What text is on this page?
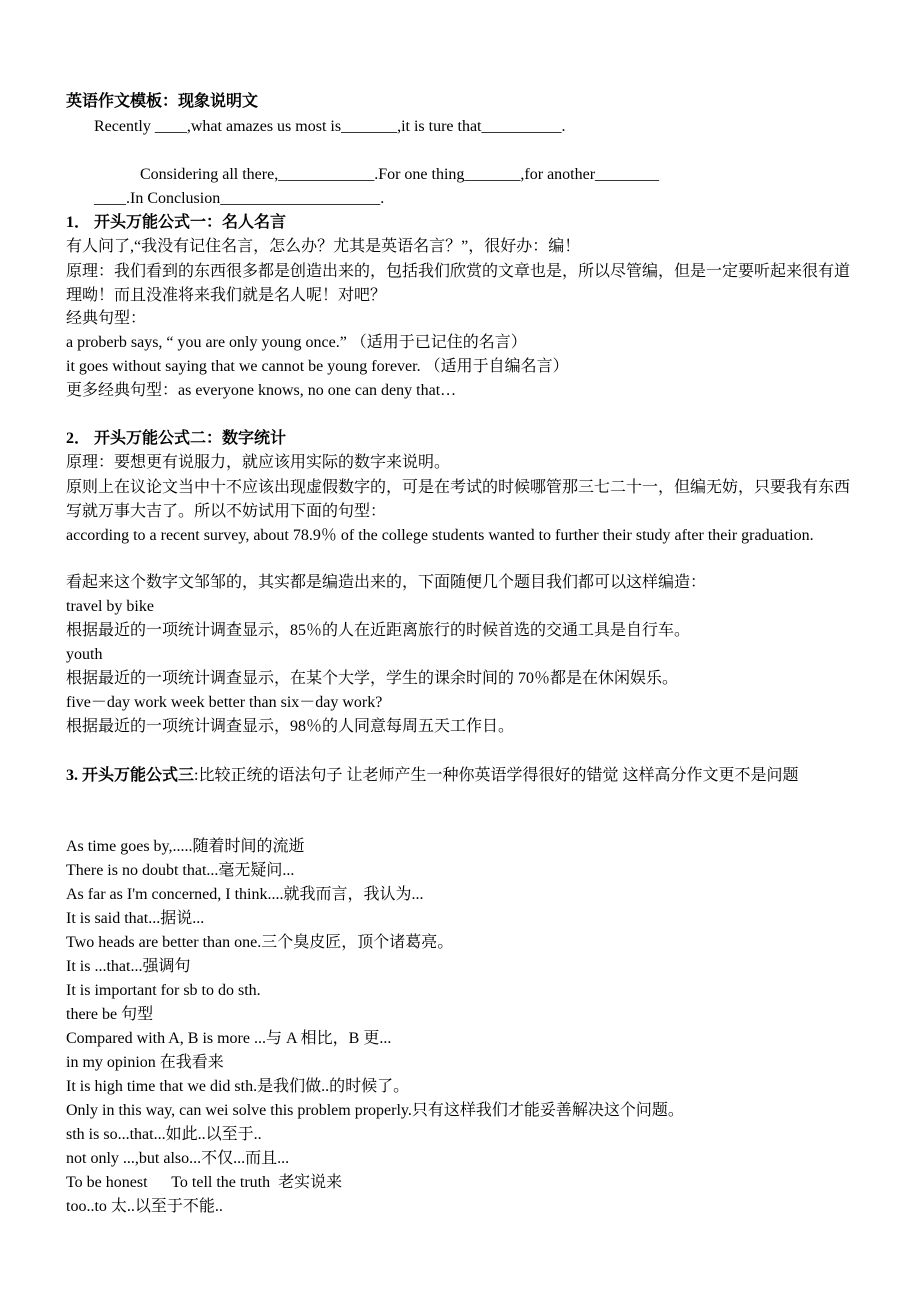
英语作文模板：现象说明文
Recently ____,what amazes us most is_______,it is ture that__________.
Considering all there,____________.For one thing_______,for another________
____.In Conclusion____________________.
1． 开头万能公式一：名人名言
有人问了,“我没有记住名言，怎么办？尤其是英语名言？”，很好办：编！
原理：我们看到的东西很多都是创造出来的，包括我们欣赏的文章也是，所以尽管编，但是一定要听起来很有道理呦！而且没准将来我们就是名人呢！对吧？
经典句型：
a proberb says, “ you are only young once.” （适用于已记住的名言）
it goes without saying that we cannot be young forever. （适用于自编名言）
更多经典句型：as everyone knows, no one can deny that…
2． 开头万能公式二：数字统计
原理：要想更有说服力，就应该用实际的数字来说明。
原则上在议论文当中十不应该出现虚假数字的，可是在考试的时候哪管那三七二十一，但编无妨，只要我有东西写就万事大吉了。所以不妨试用下面的句型：
according to a recent survey, about 78.9％ of the college students wanted to further their study after their graduation.
看起来这个数字文邹邹的，其实都是编造出来的，下面随便几个题目我们都可以这样编造：
travel by bike
根据最近的一项统计调查显示，85％的人在近距离旅行的时候首选的交通工具是自行车。
youth
根据最近的一项统计调查显示，在某个大学，学生的课余时间的 70％都是在休闲娱乐。
five－day work week better than six－day work?
根据最近的一项统计调查显示，98％的人同意每周五天工作日。
3. 开头万能公式三:比较正统的语法句子 让老师产生一种你英语学得很好的错觉 这样高分作文更不是问题
As time goes by,.....随着时间的流逝
There is no doubt that...毫无疑问...
As far as I'm concerned, I think....就我而言，我认为...
It is said that...据说...
Two heads are better than one.三个臭皮匠，顶个诸葛亮。
It is ...that...强调句
It is important for sb to do sth.
there be 句型
Compared with A, B is more ...与 A 相比，B 更...
in my opinion 在我看来
It is high time that we did sth.是我们做..的时候了。
Only in this way, can wei solve this problem properly.只有这样我们才能妥善解决这个问题。
sth is so...that...如此..以至于..
not only ...,but also...不仅...而且...
To be honest      To tell the truth  老实说来
too..to 太..以至于不能..
